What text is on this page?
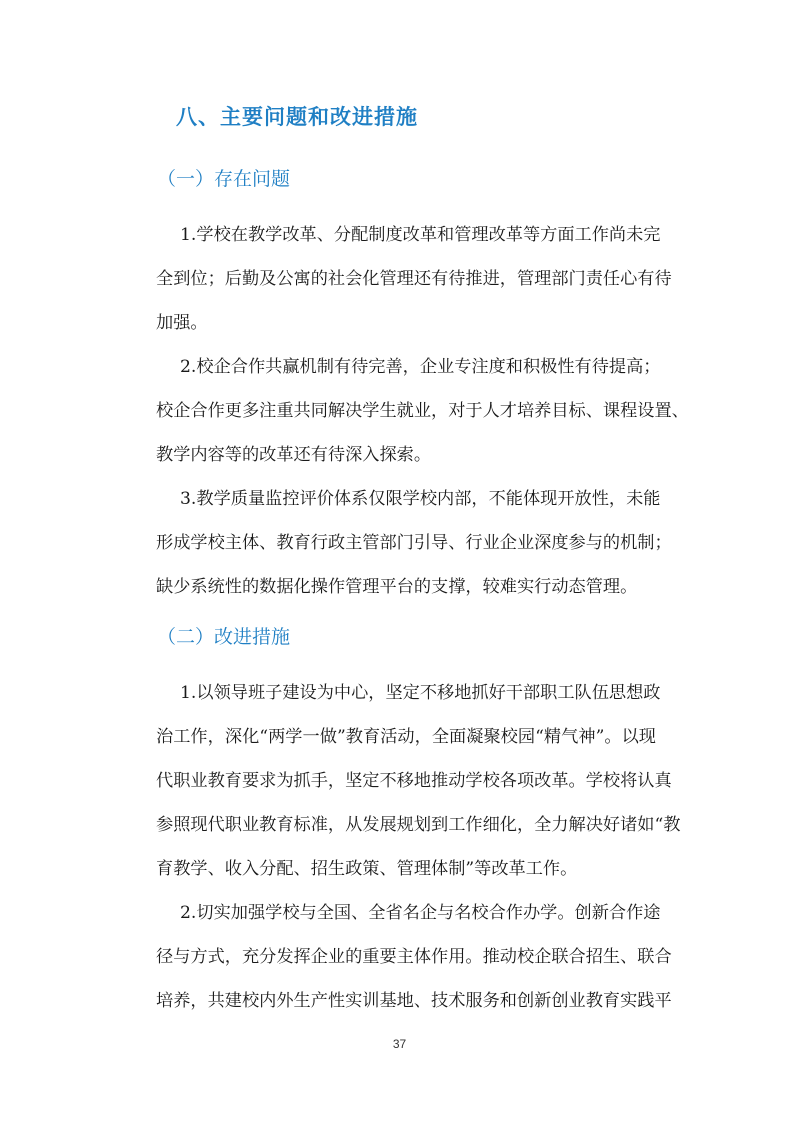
八、主要问题和改进措施
（一）存在问题
1.学校在教学改革、分配制度改革和管理改革等方面工作尚未完
全到位；后勤及公寓的社会化管理还有待推进，管理部门责任心有待
加强。
2.校企合作共赢机制有待完善，企业专注度和积极性有待提高；
校企合作更多注重共同解决学生就业，对于人才培养目标、课程设置、
教学内容等的改革还有待深入探索。
3.教学质量监控评价体系仅限学校内部，不能体现开放性，未能
形成学校主体、教育行政主管部门引导、行业企业深度参与的机制；
缺少系统性的数据化操作管理平台的支撑，较难实行动态管理。
（二）改进措施
1.以领导班子建设为中心，坚定不移地抓好干部职工队伍思想政
治工作，深化“两学一做”教育活动，全面凝聚校园“精气神”。以现
代职业教育要求为抓手，坚定不移地推动学校各项改革。学校将认真
参照现代职业教育标准，从发展规划到工作细化，全力解决好诸如“教
育教学、收入分配、招生政策、管理体制”等改革工作。
2.切实加强学校与全国、全省名企与名校合作办学。创新合作途
径与方式，充分发挥企业的重要主体作用。推动校企联合招生、联合
培养，共建校内外生产性实训基地、技术服务和创新创业教育实践平
37
